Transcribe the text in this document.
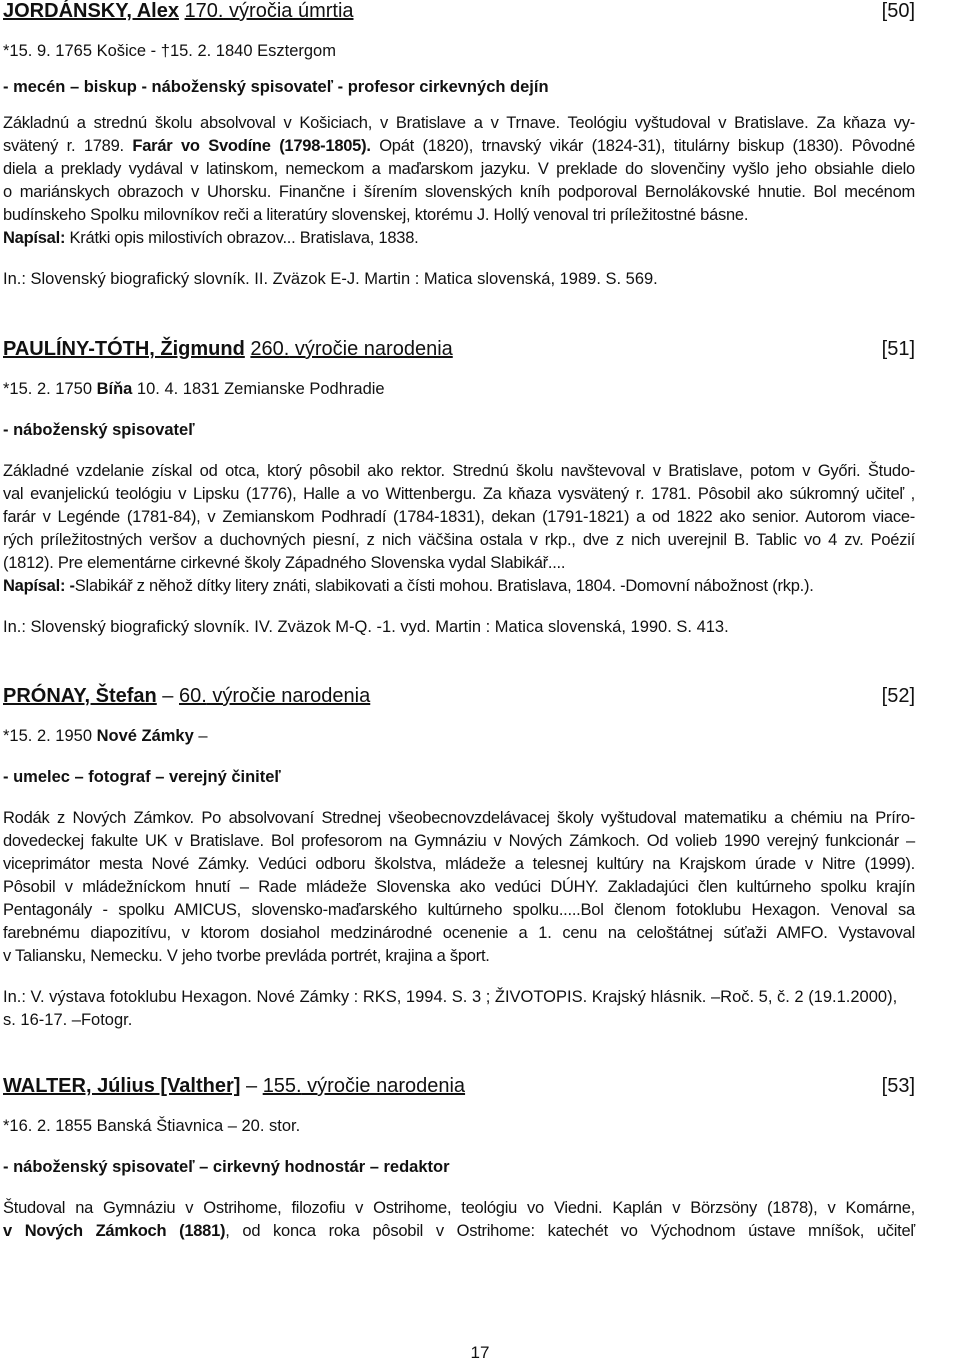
JORDÁNSKY, Alex 170. výročia úmrtia	[50]
*15. 9. 1765 Košice - †15. 2. 1840 Esztergom
- mecén – biskup - náboženský spisovateľ - profesor cirkevných dejín
Základnú a strednú školu absolvoval v Košiciach, v Bratislave a v Trnave. Teológiu vyštudoval v Bratislave. Za kňaza vy-
svätený r. 1789. Farár vo Svodíne (1798-1805). Opát (1820), trnavský vikár (1824-31), titulárny biskup (1830). Pôvodné
diela a preklady vydával v latinskom, nemeckom a maďarskom jazyku. V preklade do slovenčiny vyšlo jeho obsiahle dielo
o mariánskych obrazoch v Uhorsku. Finančne i šírením slovenských kníh podporoval Bernolákovské hnutie. Bol mecénom
budínskeho Spolku milovníkov reči a literatúry slovenskej, ktorému J. Hollý venoval tri príležitostné básne.
Napísal: Krátki opis milostivích obrazov... Bratislava, 1838.
In.: Slovenský biografický slovník. II. Zväzok E-J. Martin : Matica slovenská, 1989. S. 569.
PAULÍNY-TÓTH, Žigmund 260. výročie narodenia	[51]
*15. 2. 1750 Bíňa 10. 4. 1831 Zemianske Podhradie
- náboženský spisovateľ
Základné vzdelanie získal od otca, ktorý pôsobil ako rektor. Strednú školu navštevoval v Bratislave, potom v Győri. Študo-
val evanjelickú teológiu v Lipsku (1776), Halle a vo Wittenbergu. Za kňaza vysvätený r. 1781. Pôsobil ako súkromný učiteľ ,
farár v Legénde (1781-84), v Zemianskom Podhradí (1784-1831), dekan (1791-1821) a od 1822 ako senior. Autorom viace-
rých príležitostných veršov a duchovných piesní, z nich väčšina ostala v rkp., dve z nich uverejnil B. Tablic vo 4 zv. Poézií
(1812). Pre elementárne cirkevné školy Západného Slovenska vydal Slabikář....
Napísal: -Slabikář z něhož dítky litery znáti, slabikovati a čísti mohou. Bratislava, 1804. -Domovní nábožnost (rkp.).
In.: Slovenský biografický slovník. IV. Zväzok M-Q. -1. vyd. Martin : Matica slovenská, 1990. S. 413.
PRÓNAY, Štefan – 60. výročie narodenia	[52]
*15. 2. 1950 Nové Zámky –
- umelec – fotograf – verejný činiteľ
Rodák z Nových Zámkov. Po absolvovaní Strednej všeobecnovzdelávacej školy vyštudoval matematiku a chémiu na Príro-
dovedeckej fakulte UK v Bratislave. Bol profesorom na Gymnáziu v Nových Zámkoch. Od volieb 1990 verejný funkcionár –
viceprimátor mesta Nové Zámky. Vedúci odboru školstva, mládeže a telesnej kultúry na Krajskom úrade v Nitre (1999).
Pôsobil v mládežníckom hnutí – Rade mládeže Slovenska ako vedúci DÚHY. Zakladajúci člen kultúrneho spolku krajín
Pentagonály - spolku AMICUS, slovensko-maďarského kultúrneho spolku.....Bol členom fotoklubu Hexagon. Venoval sa
farebnému diapozitívu, v ktorom dosiahol medzinárodné ocenenie a 1. cenu na celoštátnej súťaži AMFO. Vystavoval
v Taliansku, Nemecku. V jeho tvorbe prevláda portrét, krajina a šport.
In.: V. výstava fotoklubu Hexagon. Nové Zámky : RKS, 1994. S. 3 ; ŽIVOTOPIS. Krajský hlásnik. –Roč. 5, č. 2 (19.1.2000),
s. 16-17. –Fotogr.
WALTER, Július [Valther] – 155. výročie narodenia	[53]
*16. 2. 1855 Banská Štiavnica – 20. stor.
- náboženský spisovateľ – cirkevný hodnostár – redaktor
Študoval na Gymnáziu v Ostrihome, filozofiu v Ostrihome, teológiu vo Viedni. Kaplán v Börzsöny (1878), v Komárne,
v Nových Zámkoch (1881), od konca roka pôsobil v Ostrihome: katechét vo Východnom ústave mníšok, učiteľ
17
